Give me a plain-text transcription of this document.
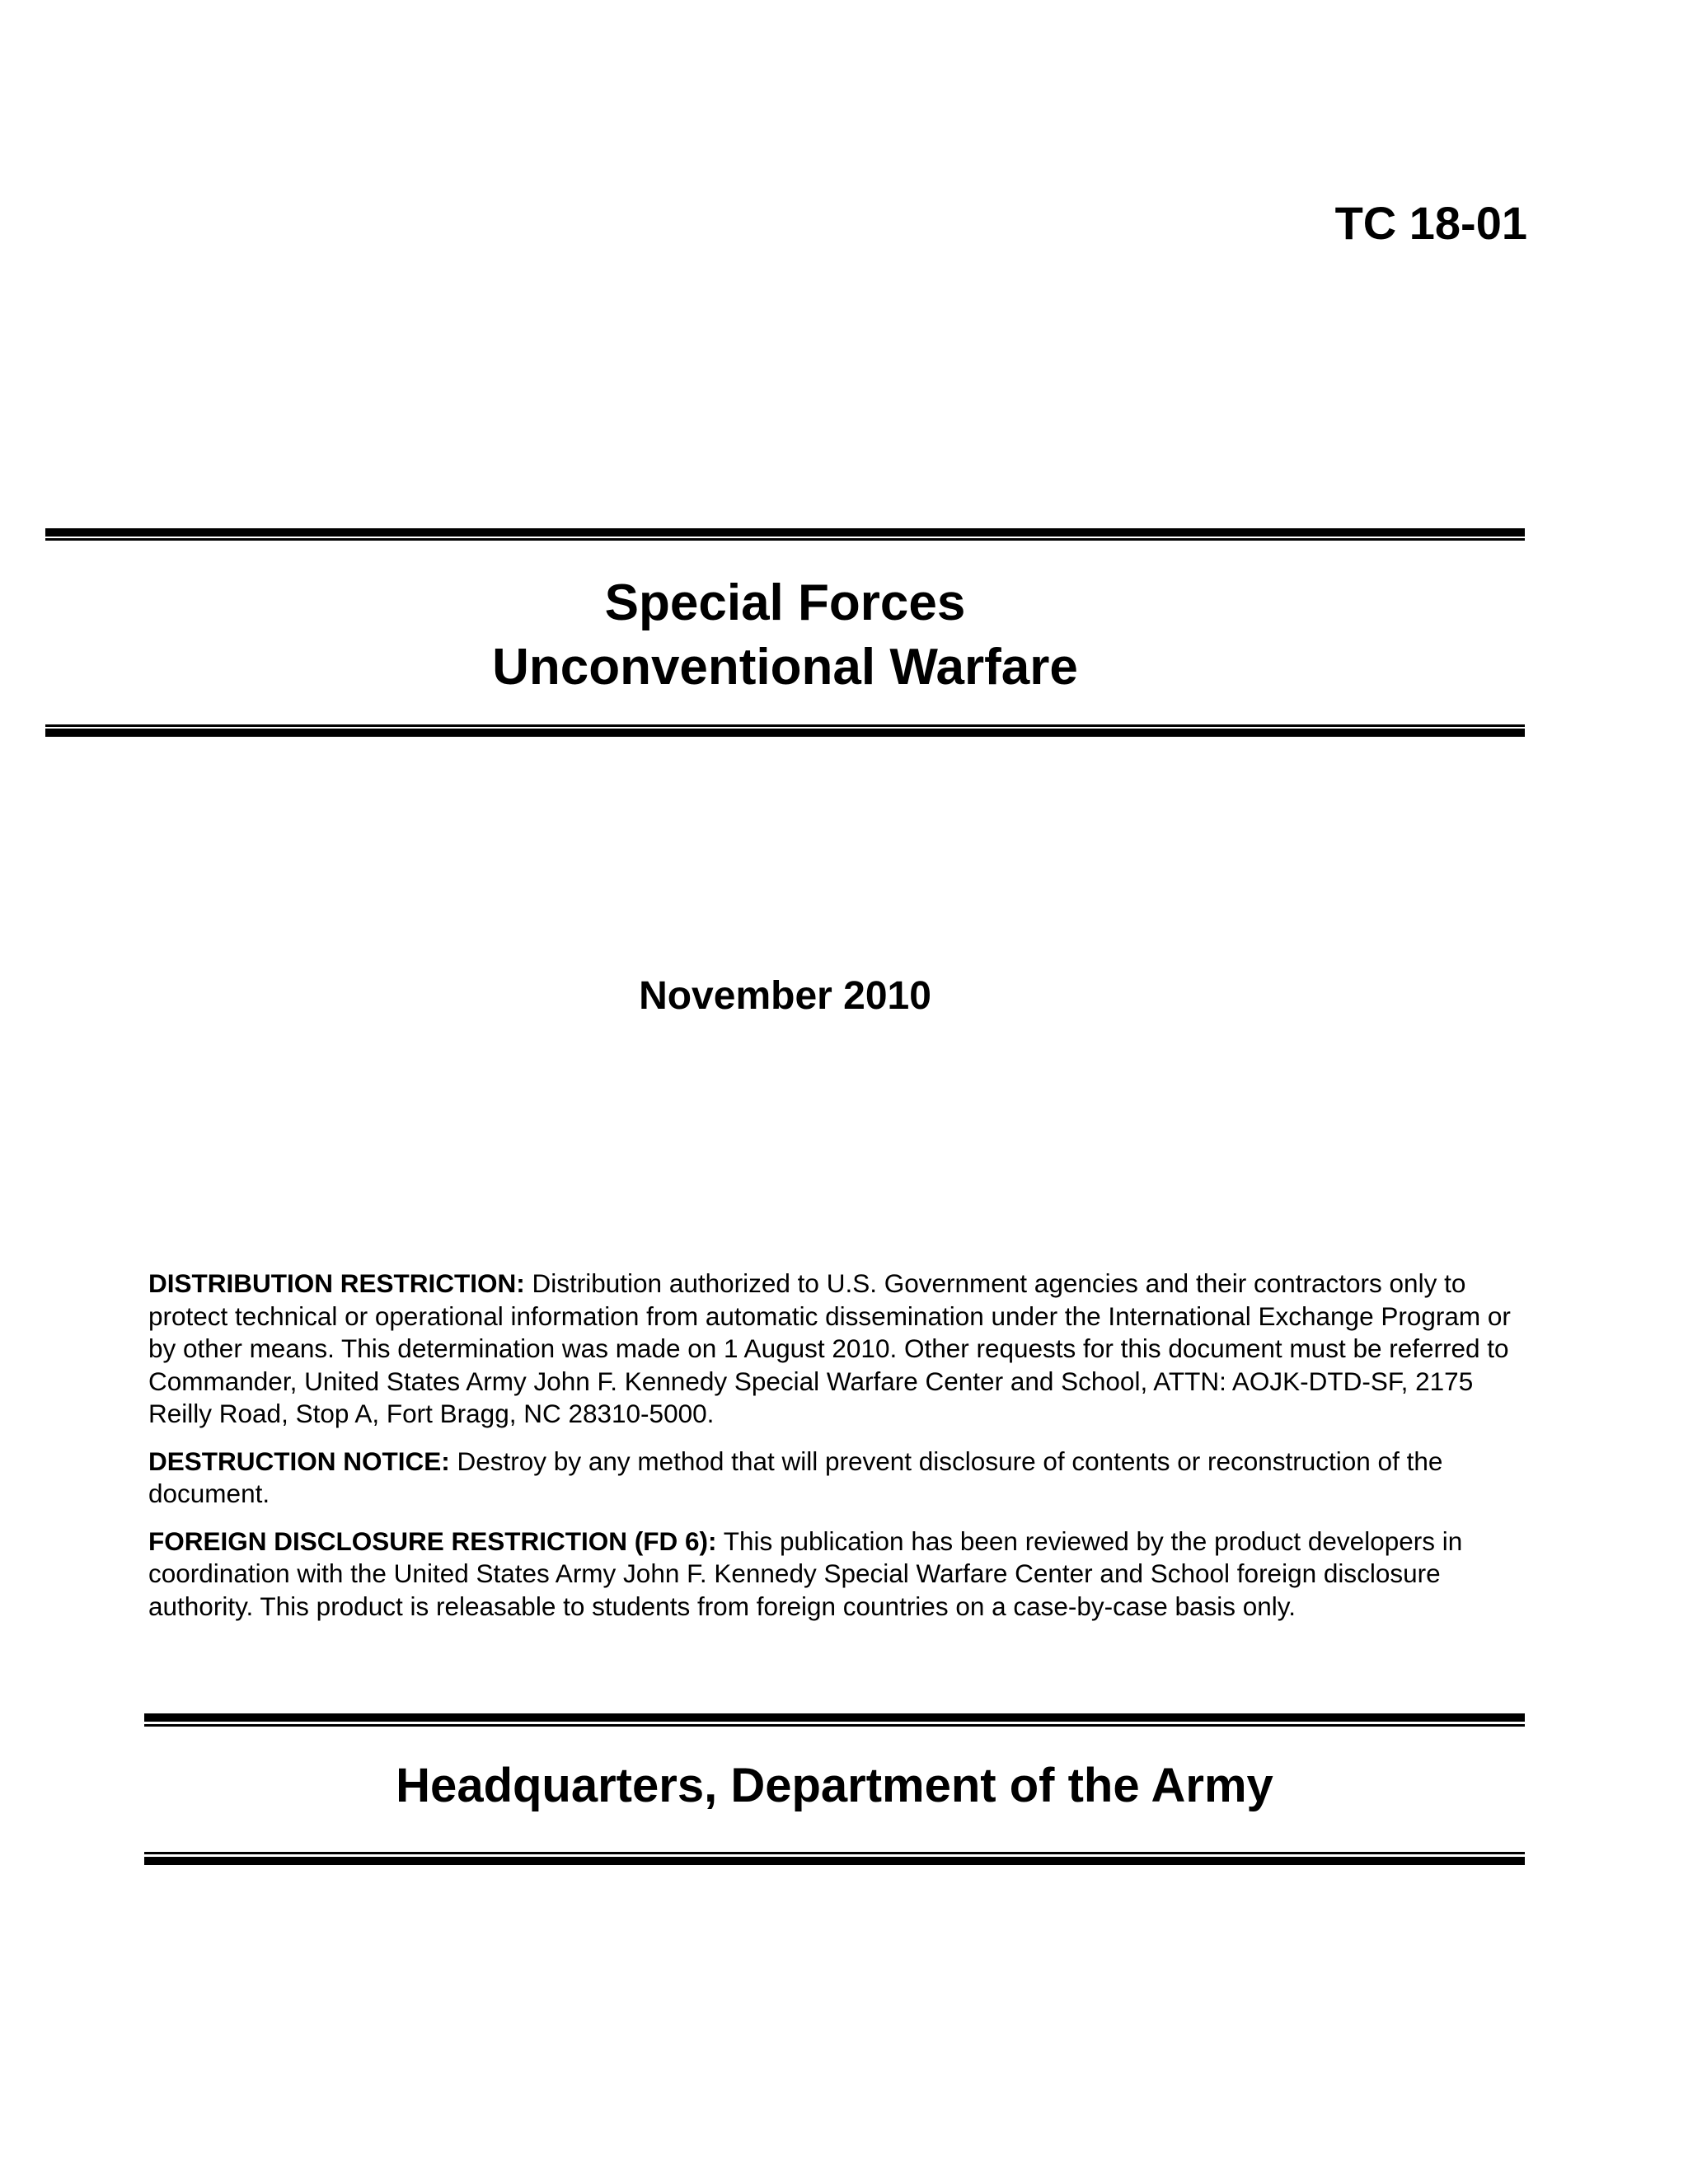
TC 18-01
Special Forces
Unconventional Warfare

November 2010

DISTRIBUTION RESTRICTION: Distribution authorized to U.S. Government agencies and their contractors only to protect technical or operational information from automatic dissemination under the International Exchange Program or by other means. This determination was made on 1 August 2010. Other requests for this document must be referred to Commander, United States Army John F. Kennedy Special Warfare Center and School, ATTN: AOJK-DTD-SF, 2175 Reilly Road, Stop A, Fort Bragg, NC 28310-5000.

DESTRUCTION NOTICE: Destroy by any method that will prevent disclosure of contents or reconstruction of the document.

FOREIGN DISCLOSURE RESTRICTION (FD 6): This publication has been reviewed by the product developers in coordination with the United States Army John F. Kennedy Special Warfare Center and School foreign disclosure authority. This product is releasable to students from foreign countries on a case-by-case basis only.

Headquarters, Department of the Army
